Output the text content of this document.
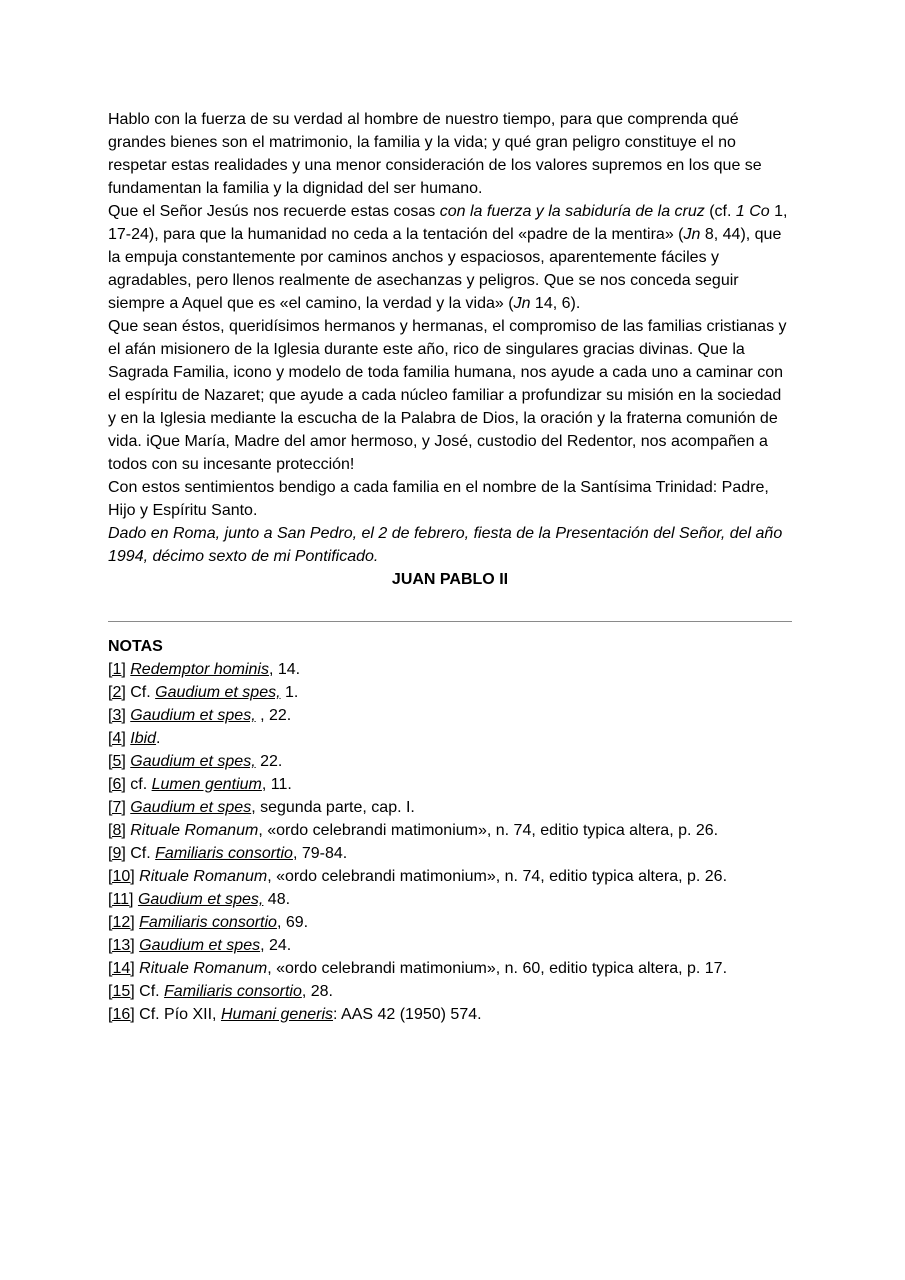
Hablo con la fuerza de su verdad al hombre de nuestro tiempo, para que comprenda qué grandes bienes son el matrimonio, la familia y la vida; y qué gran peligro constituye el no respetar estas realidades y una menor consideración de los valores supremos en los que se fundamentan la familia y la dignidad del ser humano.
Que el Señor Jesús nos recuerde estas cosas con la fuerza y la sabiduría de la cruz (cf. 1 Co 1, 17-24), para que la humanidad no ceda a la tentación del «padre de la mentira» (Jn 8, 44), que la empuja constantemente por caminos anchos y espaciosos, aparentemente fáciles y agradables, pero llenos realmente de asechanzas y peligros. Que se nos conceda seguir siempre a Aquel que es «el camino, la verdad y la vida» (Jn 14, 6).
Que sean éstos, queridísimos hermanos y hermanas, el compromiso de las familias cristianas y el afán misionero de la Iglesia durante este año, rico de singulares gracias divinas. Que la Sagrada Familia, icono y modelo de toda familia humana, nos ayude a cada uno a caminar con el espíritu de Nazaret; que ayude a cada núcleo familiar a profundizar su misión en la sociedad y en la Iglesia mediante la escucha de la Palabra de Dios, la oración y la fraterna comunión de vida. iQue María, Madre del amor hermoso, y José, custodio del Redentor, nos acompañen a todos con su incesante protección!
Con estos sentimientos bendigo a cada familia en el nombre de la Santísima Trinidad: Padre, Hijo y Espíritu Santo.
Dado en Roma, junto a San Pedro, el 2 de febrero, fiesta de la Presentación del Señor, del año 1994, décimo sexto de mi Pontificado.
JUAN PABLO II
NOTAS
[1] Redemptor hominis, 14.
[2] Cf. Gaudium et spes, 1.
[3] Gaudium et spes, , 22.
[4] Ibid.
[5] Gaudium et spes, 22.
[6] cf. Lumen gentium, 11.
[7] Gaudium et spes, segunda parte, cap. I.
[8] Rituale Romanum, «ordo celebrandi matimonium», n. 74, editio typica altera, p. 26.
[9] Cf. Familiaris consortio, 79-84.
[10] Rituale Romanum, «ordo celebrandi matimonium», n. 74, editio typica altera, p. 26.
[11] Gaudium et spes, 48.
[12] Familiaris consortio, 69.
[13] Gaudium et spes, 24.
[14] Rituale Romanum, «ordo celebrandi matimonium», n. 60, editio typica altera, p. 17.
[15] Cf. Familiaris consortio, 28.
[16] Cf. Pío XII, Humani generis: AAS 42 (1950) 574.
